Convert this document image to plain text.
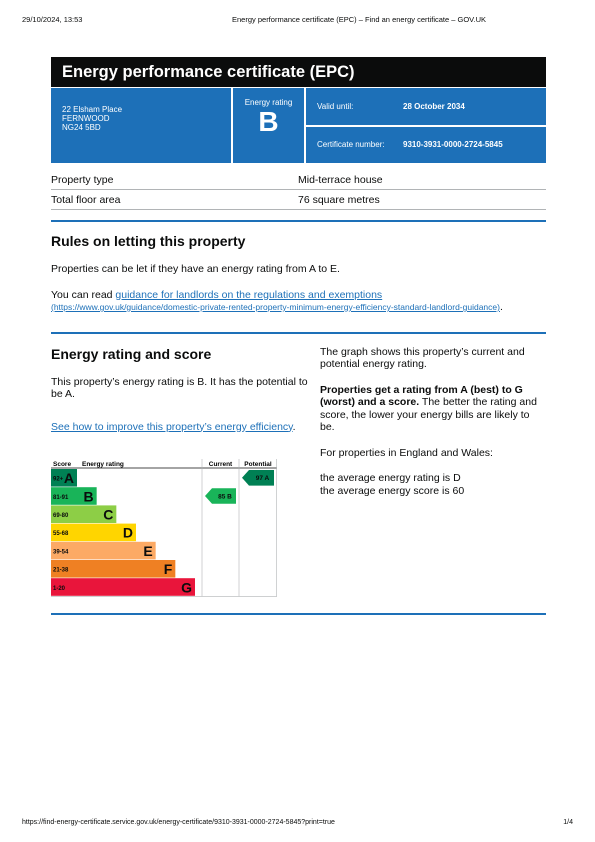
29/10/2024, 13:53	Energy performance certificate (EPC) – Find an energy certificate – GOV.UK
Energy performance certificate (EPC)
22 Elsham Place
FERNWOOD
NG24 5BD
Energy rating
B	Valid until:	28 October 2034
Certificate number:	9310-3931-0000-2724-5845
Property type	Mid-terrace house
Total floor area	76 square metres
Rules on letting this property

Properties can be let if they have an energy rating from A to E.

You can read guidance for landlords on the regulations and exemptions
(https://www.gov.uk/guidance/domestic-private-rented-property-minimum-energy-efficiency-standard-landlord-guidance).

Energy rating and score

This property’s energy rating is B. It has the potential to be A.

See how to improve this property’s energy efficiency.

Score Energy rating	Current Potential
92+ A
81-91 B
69-80 C
55-68	D
39-54	E
21-38	F
1-20	G
85 B
97 A

The graph shows this property’s current and potential energy rating.

Properties get a rating from A (best) to G (worst) and a score. The better the rating and score, the lower your energy bills are likely to be.

For properties in England and Wales:

the average energy rating is D
the average energy score is 60

https://find-energy-certificate.service.gov.uk/energy-certificate/9310-3931-0000-2724-5845?print=true	1/4
